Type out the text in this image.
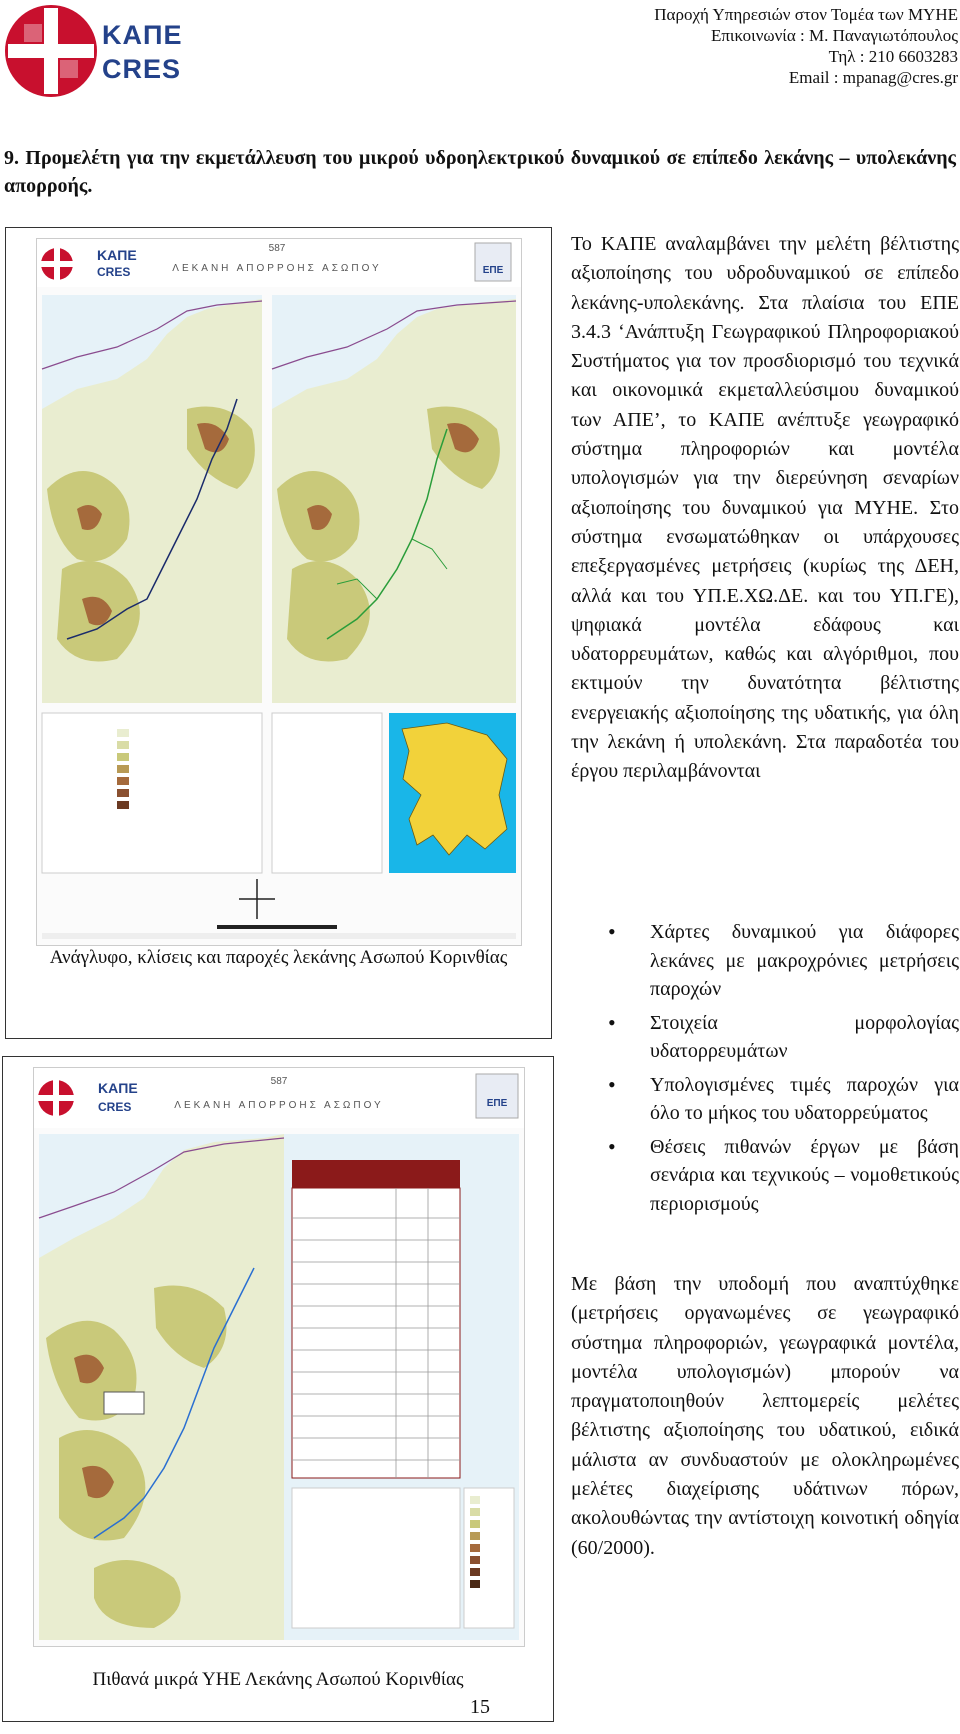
ΚΑΠΕ
CRES
Παροχή Υπηρεσιών στον Τομέα των ΜΥΗΕ
Επικοινωνία : Μ. Παναγιωτόπουλος
Τηλ : 210 6603283
Email : mpanag@cres.gr
9. Προμελέτη για την εκμετάλλευση του μικρού υδροηλεκτρικού δυναμικού σε επίπεδο λεκάνης – υπολεκάνης απορροής.
ΚΑΠΕ
CRES
587
ΛΕΚΑΝΗ ΑΠΟΡΡΟΗΣ ΑΣΩΠΟΥ	ΕΠΕ
Ανάγλυφο, κλίσεις και παροχές λεκάνης Ασωπού Κορινθίας
ΚΑΠΕ
CRES
587
ΛΕΚΑΝΗ ΑΠΟΡΡΟΗΣ ΑΣΩΠΟΥ	ΕΠΕ
Πιθανά μικρά ΥΗΕ Λεκάνης Ασωπού Κορινθίας
Το ΚΑΠΕ αναλαμβάνει την μελέτη βέλτιστης αξιοποίησης του υδροδυναμικού σε επίπεδο λεκάνης-υπολεκάνης. Στα πλαίσια του ΕΠΕ 3.4.3 ‘Ανάπτυξη Γεωγραφικού Πληροφοριακού Συστήματος για τον προσδιορισμό του τεχνικά και οικονομικά εκμεταλλεύσιμου δυναμικού των ΑΠΕ’, το ΚΑΠΕ ανέπτυξε γεωγραφικό σύστημα πληροφοριών και μοντέλα υπολογισμών για την διερεύνηση σεναρίων αξιοποίησης του δυναμικού για ΜΥΗΕ. Στο σύστημα ενσωματώθηκαν οι υπάρχουσες επεξεργασμένες μετρήσεις (κυρίως της ΔΕΗ, αλλά και του ΥΠ.Ε.ΧΩ.ΔΕ. και του ΥΠ.ΓΕ), ψηφιακά μοντέλα εδάφους και υδατορρευμάτων, καθώς και αλγόριθμοι, που εκτιμούν την δυνατότητα βέλτιστης ενεργειακής αξιοποίησης της υδατικής, για όλη την λεκάνη ή υπολεκάνη. Στα παραδοτέα του έργου περιλαμβάνονται
• Χάρτες δυναμικού για διάφορες λεκάνες με μακροχρόνιες μετρήσεις παροχών
• Στοιχεία μορφολογίας υδατορρευμάτων
• Υπολογισμένες τιμές παροχών για όλο το μήκος του υδατορρεύματος
• Θέσεις πιθανών έργων με βάση σενάρια και τεχνικούς – νομοθετικούς περιορισμούς
Με βάση την υποδομή που αναπτύχθηκε (μετρήσεις οργανωμένες σε γεωγραφικό σύστημα πληροφοριών, γεωγραφικά μοντέλα, μοντέλα υπολογισμών) μπορούν να πραγματοποιηθούν λεπτομερείς μελέτες βέλτιστης αξιοποίησης του υδατικού, ειδικά μάλιστα αν συνδυαστούν με ολοκληρωμένες μελέτες διαχείρισης υδάτινων πόρων, ακολουθώντας την αντίστοιχη κοινοτική οδηγία (60/2000).
15
